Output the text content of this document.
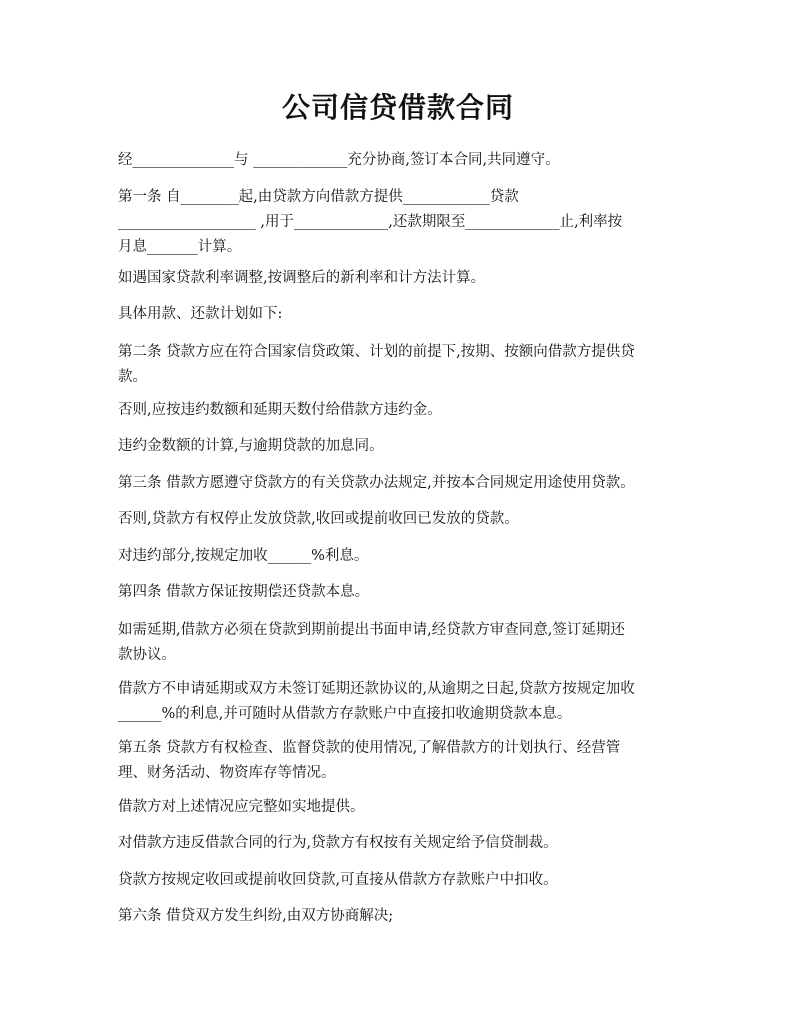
公司信贷借款合同

经______________与 _____________充分协商,签订本合同,共同遵守。

第一条 自________起,由贷款方向借款方提供____________贷款
___________________ ,用于_____________,还款期限至_____________止,利率按
月息_______计算。

如遇国家贷款利率调整,按调整后的新利率和计方法计算。

具体用款、还款计划如下:

第二条 贷款方应在符合国家信贷政策、计划的前提下,按期、按额向借款方提供贷
款。

否则,应按违约数额和延期天数付给借款方违约金。

违约金数额的计算,与逾期贷款的加息同。

第三条 借款方愿遵守贷款方的有关贷款办法规定,并按本合同规定用途使用贷款。

否则,贷款方有权停止发放贷款,收回或提前收回已发放的贷款。

对违约部分,按规定加收______%利息。

第四条 借款方保证按期偿还贷款本息。

如需延期,借款方必须在贷款到期前提出书面申请,经贷款方审查同意,签订延期还
款协议。

借款方不申请延期或双方未签订延期还款协议的,从逾期之日起,贷款方按规定加收
______%的利息,并可随时从借款方存款账户中直接扣收逾期贷款本息。

第五条 贷款方有权检查、监督贷款的使用情况,了解借款方的计划执行、经营管
理、财务活动、物资库存等情况。

借款方对上述情况应完整如实地提供。

对借款方违反借款合同的行为,贷款方有权按有关规定给予信贷制裁。

贷款方按规定收回或提前收回贷款,可直接从借款方存款账户中扣收。

第六条 借贷双方发生纠纷,由双方协商解决;
